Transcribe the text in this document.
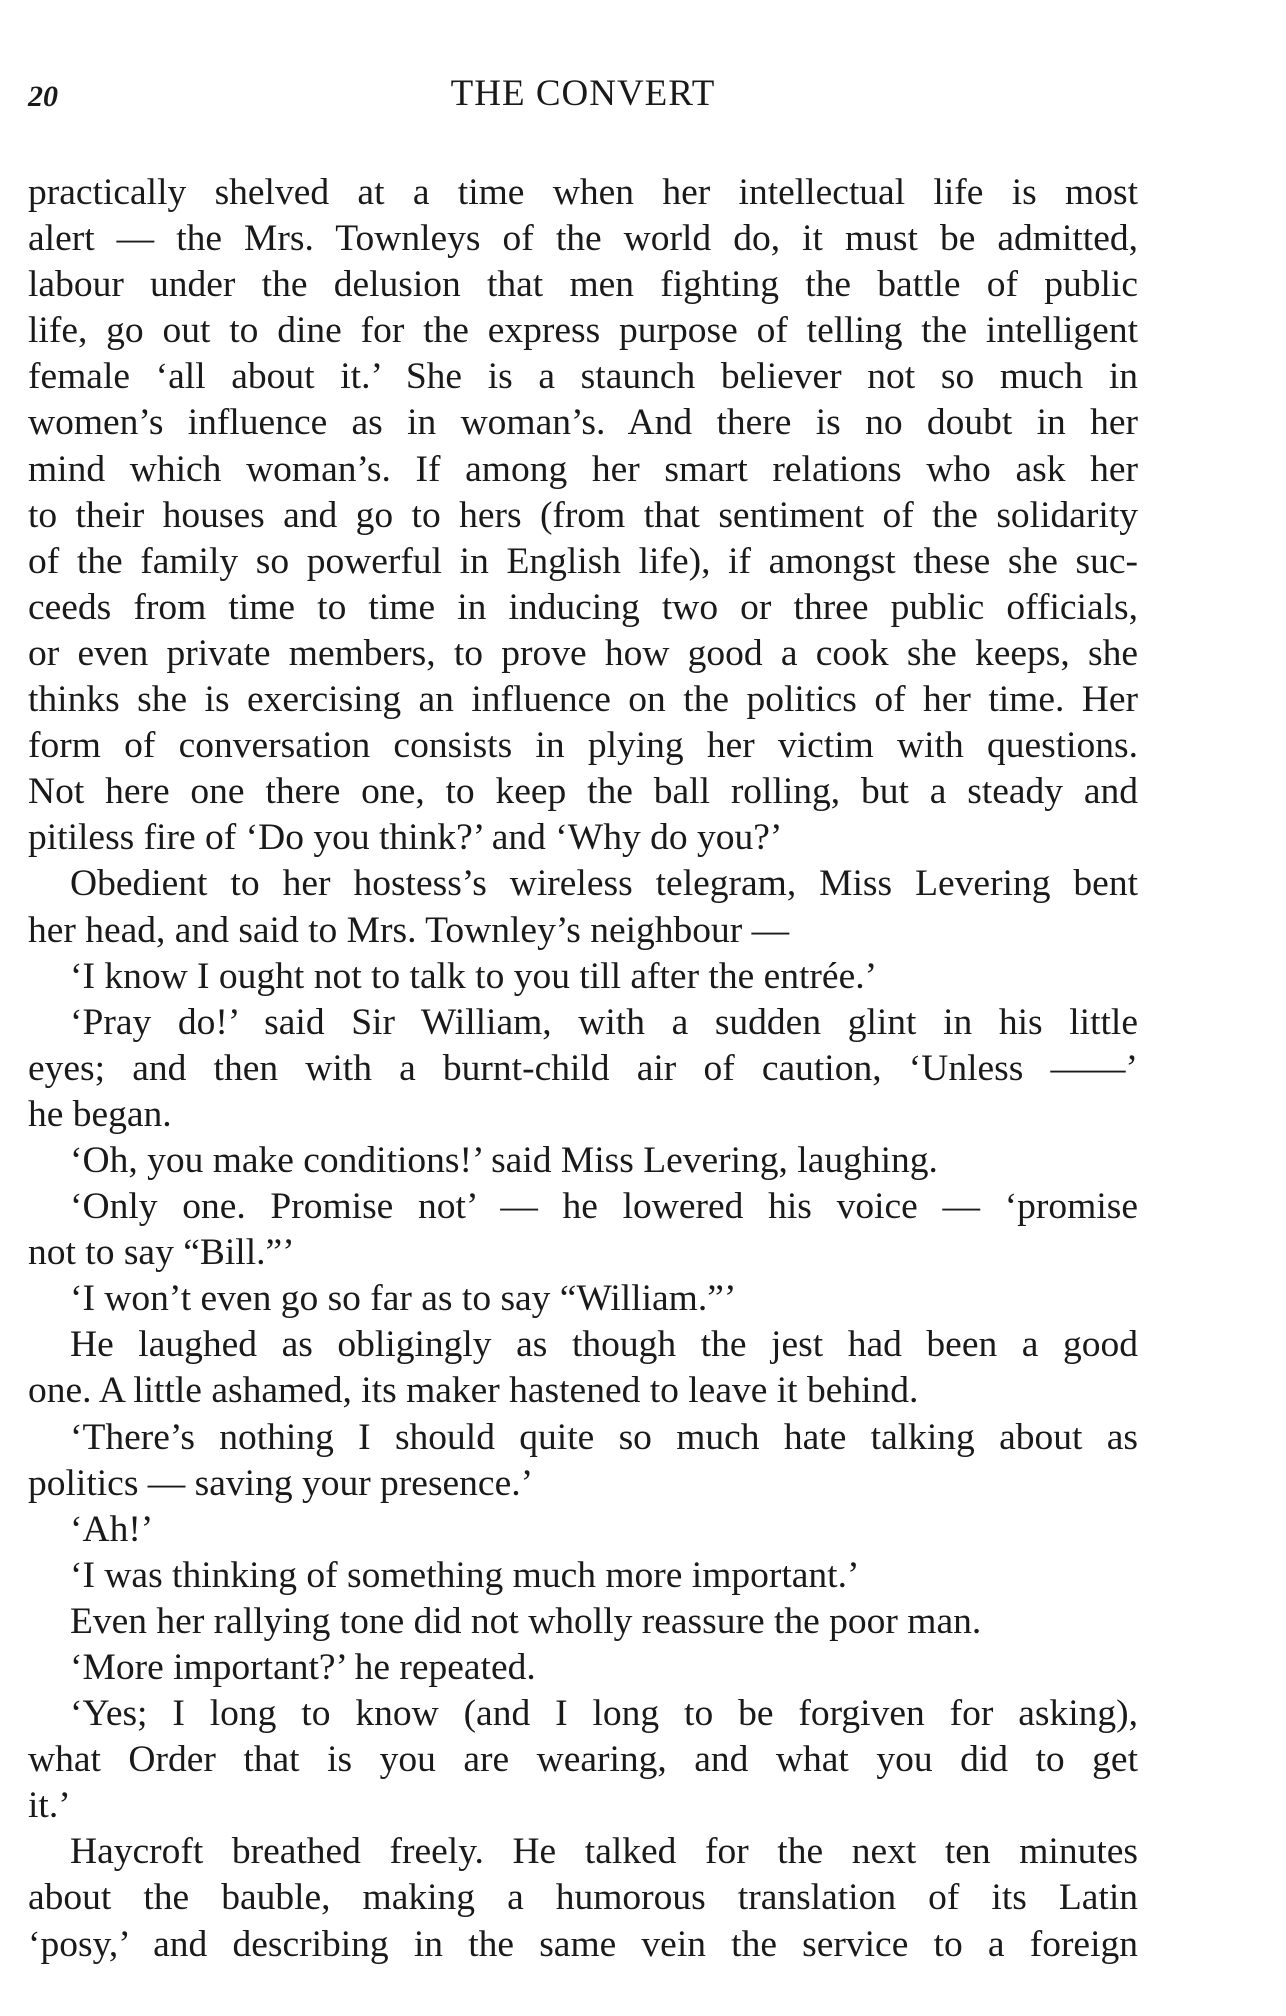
20	THE CONVERT
practically shelved at a time when her intellectual life is most
alert — the Mrs. Townleys of the world do, it must be admitted,
labour under the delusion that men fighting the battle of public
life, go out to dine for the express purpose of telling the intelligent
female ‘all about it.’ She is a staunch believer not so much in
women’s influence as in woman’s. And there is no doubt in her
mind which woman’s. If among her smart relations who ask her
to their houses and go to hers (from that sentiment of the solidarity
of the family so powerful in English life), if amongst these she suc-
ceeds from time to time in inducing two or three public officials,
or even private members, to prove how good a cook she keeps, she
thinks she is exercising an influence on the politics of her time. Her
form of conversation consists in plying her victim with questions.
Not here one there one, to keep the ball rolling, but a steady and
pitiless fire of ‘Do you think?’ and ‘Why do you?’
Obedient to her hostess’s wireless telegram, Miss Levering bent
her head, and said to Mrs. Townley’s neighbour —
‘I know I ought not to talk to you till after the entrée.’
‘Pray do!’ said Sir William, with a sudden glint in his little
eyes; and then with a burnt-child air of caution, ‘Unless ——’
he began.
‘Oh, you make conditions!’ said Miss Levering, laughing.
‘Only one. Promise not’ — he lowered his voice — ‘promise
not to say “Bill.”’
‘I won’t even go so far as to say “William.”’
He laughed as obligingly as though the jest had been a good
one. A little ashamed, its maker hastened to leave it behind.
‘There’s nothing I should quite so much hate talking about as
politics — saving your presence.’
‘Ah!’
‘I was thinking of something much more important.’
Even her rallying tone did not wholly reassure the poor man.
‘More important?’ he repeated.
‘Yes; I long to know (and I long to be forgiven for asking),
what Order that is you are wearing, and what you did to get
it.’
Haycroft breathed freely. He talked for the next ten minutes
about the bauble, making a humorous translation of its Latin
‘posy,’ and describing in the same vein the service to a foreign
